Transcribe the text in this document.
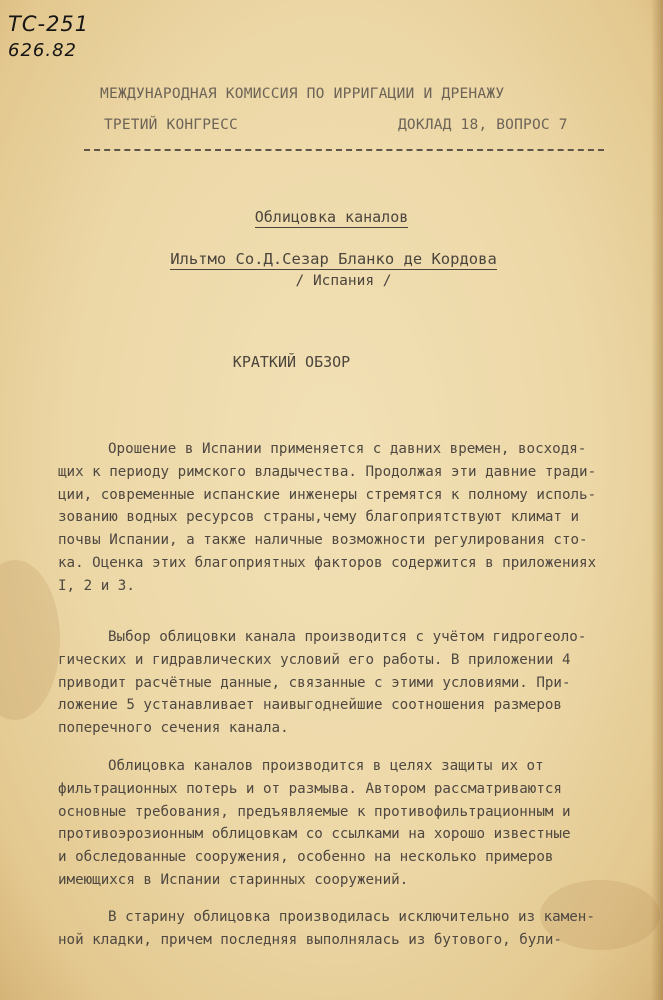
ТС-251
626.82
МЕЖДУНАРОДНАЯ КОМИССИЯ ПО ИРРИГАЦИИ И ДРЕНАЖУ
ТРЕТИЙ КОНГРЕСС	ДОКЛАД 18, ВОПРОС 7
Облицовка каналов
Ильтмо Со.Д.Сезар Бланко де Кордова
/ Испания /
КРАТКИЙ ОБЗОР
Орошение в Испании применяется с давних времен, восходя-
щих к периоду римского владычества. Продолжая эти давние тради-
ции, современные испанские инженеры стремятся к полному исполь-
зованию водных ресурсов страны,чему благоприятствуют климат и
почвы Испании, а также наличные возможности регулирования сто-
ка. Оценка этих благоприятных факторов содержится в приложениях
I, 2 и 3.
Выбор облицовки канала производится с учётом гидрогеоло-
гических и гидравлических условий его работы. В приложении 4
приводит расчётные данные, связанные с этими условиями. При-
ложение 5 устанавливает наивыгоднейшие соотношения размеров
поперечного сечения канала.
Облицовка каналов производится в целях защиты их от
фильтрационных потерь и от размыва. Автором рассматриваются
основные требования, предъявляемые к противофильтрационным и
противоэрозионным облицовкам со ссылками на хорошо известные
и обследованные сооружения, особенно на несколько примеров
имеющихся в Испании старинных сооружений.
В старину облицовка производилась исключительно из камен-
ной кладки, причем последняя выполнялась из бутового, були-
